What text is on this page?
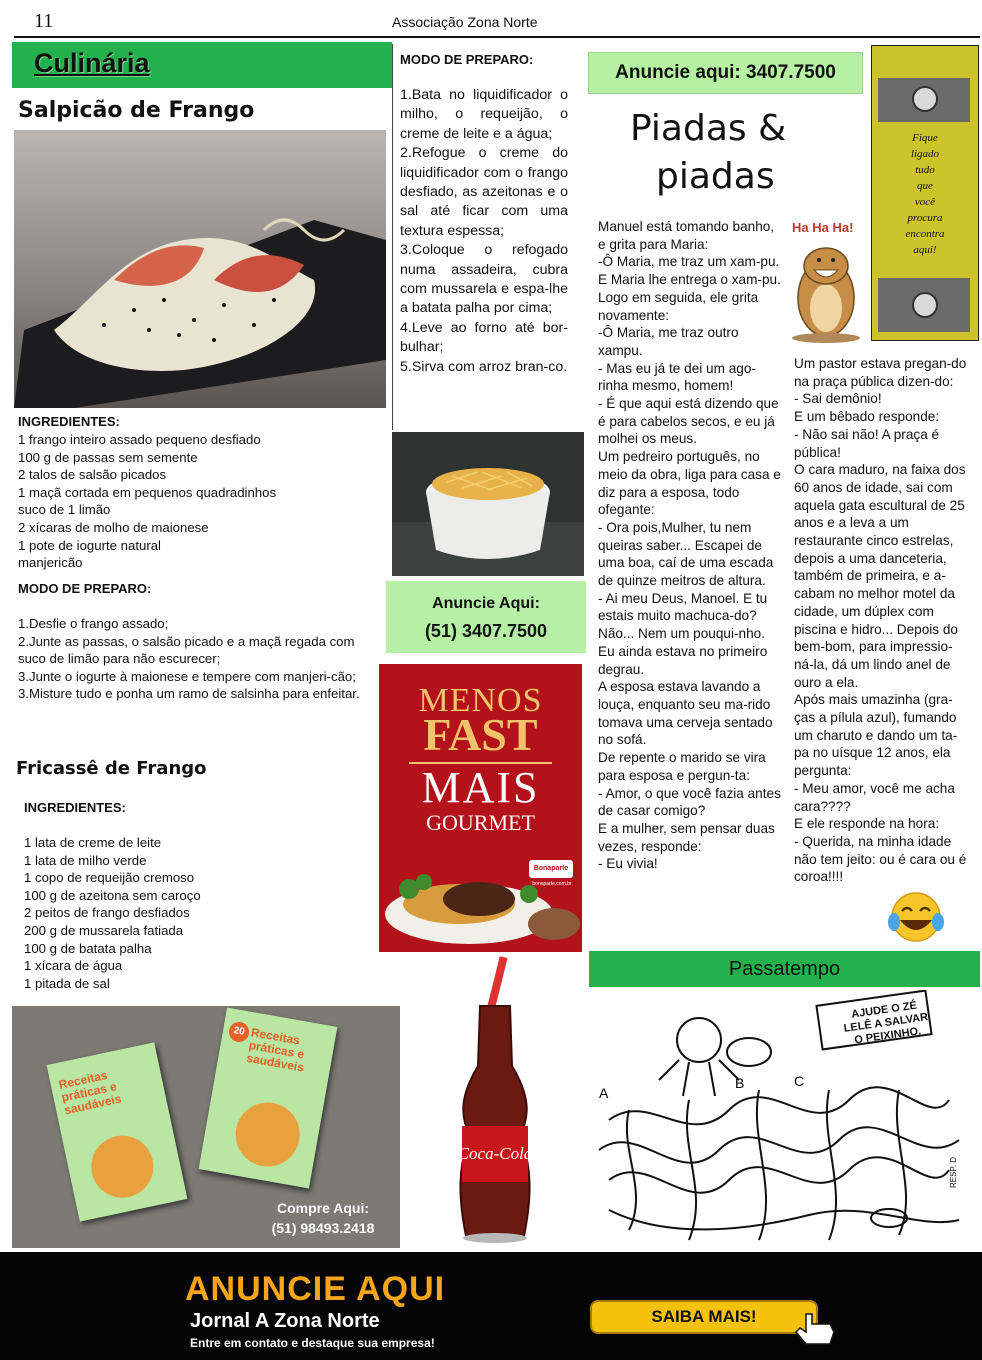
11	Associação Zona Norte
Culinária
Salpicão de Frango
INGREDIENTES:
1 frango inteiro assado pequeno desfiado
100 g de passas sem semente
2 talos de salsão picados
1 maçã cortada em pequenos quadradinhos
suco de 1 limão
2 xícaras de molho de maionese
1 pote de iogurte natural
manjericão
MODO DE PREPARO:
1.Desfie o frango assado;
2.Junte as passas, o salsão picado e a maçã regada com suco de limão para não escurecer;
3.Junte o iogurte à maionese e tempere com manjeri-cão;
3.Misture tudo e ponha um ramo de salsinha para enfeitar.
Fricassê de Frango
INGREDIENTES:
1 lata de creme de leite
1 lata de milho verde
1 copo de requeijão cremoso
100 g de azeitona sem caroço
2 peitos de frango desfiados
200 g de mussarela fatiada
100 g de batata palha
1 xícara de água
1 pitada de sal
MODO DE PREPARO:
1.Bata no liquidificador o milho, o requeijão, o creme de leite e a água;
2.Refogue o creme do liquidificador com o frango desfiado, as azeitonas e o sal até ficar com uma textura espessa;
3.Coloque o refogado numa assadeira, cubra com mussarela e espa-lhe a batata palha por cima;
4.Leve ao forno até bor-bulhar;
5.Sirva com arroz bran-co.
Anuncie Aqui:
(51) 3407.7500
MENOS
FAST
MAIS
GOURMET
Bonaparte
bonaparte.com.br
Anuncie aqui: 3407.7500
Piadas &
piadas
Ha Ha Ha!
Manuel está tomando banho, e grita para Maria:
-Ô Maria, me traz um xam-pu.
E Maria lhe entrega o xam-pu. Logo em seguida, ele grita novamente:
-Ô Maria, me traz outro xampu.
- Mas eu já te dei um ago-rinha mesmo, homem!
- É que aqui está dizendo que é para cabelos secos, e eu já molhei os meus.
Um pedreiro português, no meio da obra, liga para casa e diz para a esposa, todo ofegante:
- Ora pois,Mulher, tu nem queiras saber... Escapei de uma boa, caí de uma escada de quinze meitros de altura.
- Ai meu Deus, Manoel. E tu estais muito machuca-do?
Não... Nem um pouqui-nho. Eu ainda estava no primeiro degrau.
A esposa estava lavando a louça, enquanto seu ma-rido tomava uma cerveja sentado no sofá.
De repente o marido se vira para esposa e pergun-ta:
- Amor, o que você fazia antes de casar comigo?
E a mulher, sem pensar duas vezes, responde:
- Eu vivia!
Um pastor estava pregan-do na praça pública dizen-do:
- Sai demônio!
E um bêbado responde:
- Não sai não! A praça é pública!
O cara maduro, na faixa dos 60 anos de idade, sai com aquela gata escultural de 25 anos e a leva a um restaurante cinco estrelas, depois a uma danceteria, também de primeira, e a-cabam no melhor motel da cidade, um dúplex com piscina e hidro... Depois do bem-bom, para impressio-ná-la, dá um lindo anel de ouro a ela.
Após mais umazinha (gra-ças a pílula azul), fumando um charuto e dando um ta-pa no uísque 12 anos, ela pergunta:
- Meu amor, você me acha cara????
E ele responde na hora:
- Querida, na minha idade não tem jeito: ou é cara ou é coroa!!!!
Fique
ligado
tudo
que
você
procura
encontra
aqui!
Passatempo
A
B	C
AJUDE O ZÉ LELÊ A SALVAR O PEIXINHO.
RESP. D
Receitas práticas e saudáveis
20 Receitas práticas e saudáveis
Compre Aqui:
(51) 98493.2418
Coca-Cola
ANUNCIE AQUI
Jornal A Zona Norte
Entre em contato e destaque sua empresa!
SAIBA MAIS!
